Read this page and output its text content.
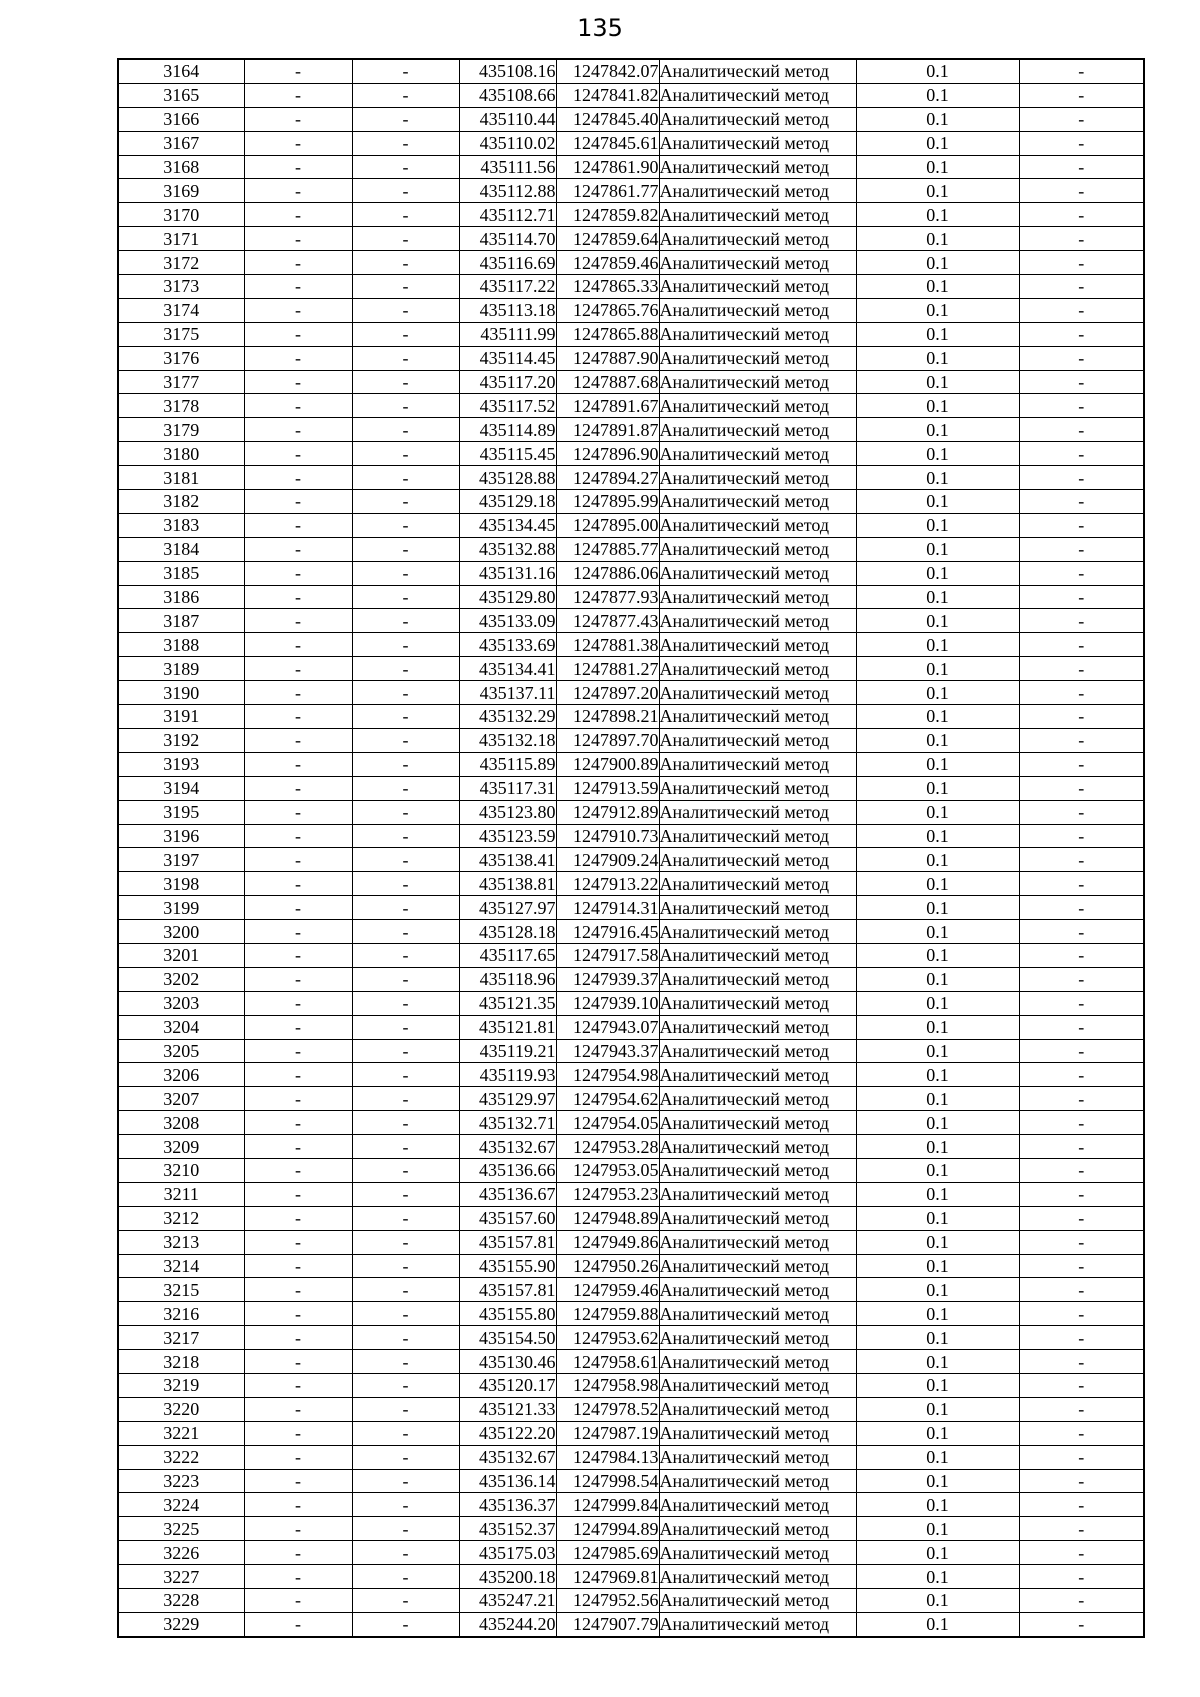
135
3164	-	-	435108.16	1247842.07	Аналитический метод	0.1	-
3165	-	-	435108.66	1247841.82	Аналитический метод	0.1	-
3166	-	-	435110.44	1247845.40	Аналитический метод	0.1	-
3167	-	-	435110.02	1247845.61	Аналитический метод	0.1	-
3168	-	-	435111.56	1247861.90	Аналитический метод	0.1	-
3169	-	-	435112.88	1247861.77	Аналитический метод	0.1	-
3170	-	-	435112.71	1247859.82	Аналитический метод	0.1	-
3171	-	-	435114.70	1247859.64	Аналитический метод	0.1	-
3172	-	-	435116.69	1247859.46	Аналитический метод	0.1	-
3173	-	-	435117.22	1247865.33	Аналитический метод	0.1	-
3174	-	-	435113.18	1247865.76	Аналитический метод	0.1	-
3175	-	-	435111.99	1247865.88	Аналитический метод	0.1	-
3176	-	-	435114.45	1247887.90	Аналитический метод	0.1	-
3177	-	-	435117.20	1247887.68	Аналитический метод	0.1	-
3178	-	-	435117.52	1247891.67	Аналитический метод	0.1	-
3179	-	-	435114.89	1247891.87	Аналитический метод	0.1	-
3180	-	-	435115.45	1247896.90	Аналитический метод	0.1	-
3181	-	-	435128.88	1247894.27	Аналитический метод	0.1	-
3182	-	-	435129.18	1247895.99	Аналитический метод	0.1	-
3183	-	-	435134.45	1247895.00	Аналитический метод	0.1	-
3184	-	-	435132.88	1247885.77	Аналитический метод	0.1	-
3185	-	-	435131.16	1247886.06	Аналитический метод	0.1	-
3186	-	-	435129.80	1247877.93	Аналитический метод	0.1	-
3187	-	-	435133.09	1247877.43	Аналитический метод	0.1	-
3188	-	-	435133.69	1247881.38	Аналитический метод	0.1	-
3189	-	-	435134.41	1247881.27	Аналитический метод	0.1	-
3190	-	-	435137.11	1247897.20	Аналитический метод	0.1	-
3191	-	-	435132.29	1247898.21	Аналитический метод	0.1	-
3192	-	-	435132.18	1247897.70	Аналитический метод	0.1	-
3193	-	-	435115.89	1247900.89	Аналитический метод	0.1	-
3194	-	-	435117.31	1247913.59	Аналитический метод	0.1	-
3195	-	-	435123.80	1247912.89	Аналитический метод	0.1	-
3196	-	-	435123.59	1247910.73	Аналитический метод	0.1	-
3197	-	-	435138.41	1247909.24	Аналитический метод	0.1	-
3198	-	-	435138.81	1247913.22	Аналитический метод	0.1	-
3199	-	-	435127.97	1247914.31	Аналитический метод	0.1	-
3200	-	-	435128.18	1247916.45	Аналитический метод	0.1	-
3201	-	-	435117.65	1247917.58	Аналитический метод	0.1	-
3202	-	-	435118.96	1247939.37	Аналитический метод	0.1	-
3203	-	-	435121.35	1247939.10	Аналитический метод	0.1	-
3204	-	-	435121.81	1247943.07	Аналитический метод	0.1	-
3205	-	-	435119.21	1247943.37	Аналитический метод	0.1	-
3206	-	-	435119.93	1247954.98	Аналитический метод	0.1	-
3207	-	-	435129.97	1247954.62	Аналитический метод	0.1	-
3208	-	-	435132.71	1247954.05	Аналитический метод	0.1	-
3209	-	-	435132.67	1247953.28	Аналитический метод	0.1	-
3210	-	-	435136.66	1247953.05	Аналитический метод	0.1	-
3211	-	-	435136.67	1247953.23	Аналитический метод	0.1	-
3212	-	-	435157.60	1247948.89	Аналитический метод	0.1	-
3213	-	-	435157.81	1247949.86	Аналитический метод	0.1	-
3214	-	-	435155.90	1247950.26	Аналитический метод	0.1	-
3215	-	-	435157.81	1247959.46	Аналитический метод	0.1	-
3216	-	-	435155.80	1247959.88	Аналитический метод	0.1	-
3217	-	-	435154.50	1247953.62	Аналитический метод	0.1	-
3218	-	-	435130.46	1247958.61	Аналитический метод	0.1	-
3219	-	-	435120.17	1247958.98	Аналитический метод	0.1	-
3220	-	-	435121.33	1247978.52	Аналитический метод	0.1	-
3221	-	-	435122.20	1247987.19	Аналитический метод	0.1	-
3222	-	-	435132.67	1247984.13	Аналитический метод	0.1	-
3223	-	-	435136.14	1247998.54	Аналитический метод	0.1	-
3224	-	-	435136.37	1247999.84	Аналитический метод	0.1	-
3225	-	-	435152.37	1247994.89	Аналитический метод	0.1	-
3226	-	-	435175.03	1247985.69	Аналитический метод	0.1	-
3227	-	-	435200.18	1247969.81	Аналитический метод	0.1	-
3228	-	-	435247.21	1247952.56	Аналитический метод	0.1	-
3229	-	-	435244.20	1247907.79	Аналитический метод	0.1	-
